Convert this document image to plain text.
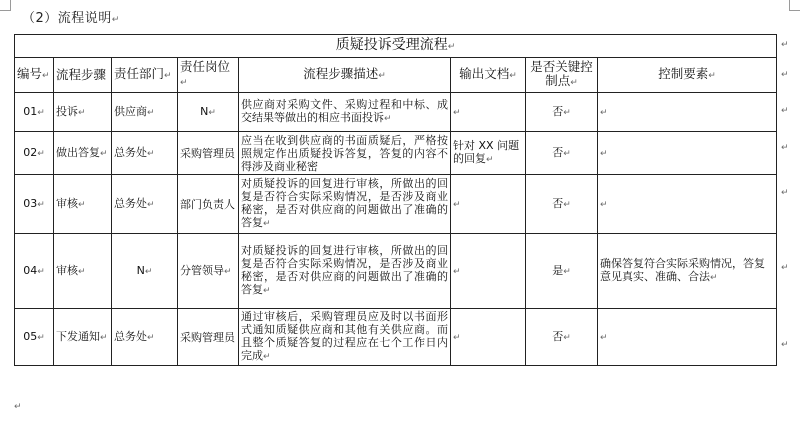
（2）流程说明↵
质疑投诉受理流程↵							
编号↵	流程步骤	责任部门↵	责任岗位↵	流程步骤描述↵	输出文档↵	是否关键控制点↵	控制要素↵
01↵	投诉↵	供应商↵	N↵	供应商对采购文件、采购过程和中标、成交结果等做出的相应书面投诉↵	↵	否↵	↵
02↵	做出答复↵	总务处↵	采购管理员	应当在收到供应商的书面质疑后，严格按照规定作出质疑投诉答复，答复的内容不得涉及商业秘密	针对 XX 问题的回复↵	否↵	↵
03↵	审核↵	总务处↵	部门负责人	对质疑投诉的回复进行审核，所做出的回复是否符合实际采购情况，是否涉及商业秘密，是否对供应商的问题做出了准确的答复↵	↵	否↵	↵
04↵	审核↵	N↵	分管领导↵	对质疑投诉的回复进行审核，所做出的回复是否符合实际采购情况，是否涉及商业秘密，是否对供应商的问题做出了准确的答复↵	↵	是↵	确保答复符合实际采购情况，答复意见真实、准确、合法↵
05↵	下发通知↵	总务处↵	采购管理员	通过审核后，采购管理员应及时以书面形式通知质疑供应商和其他有关供应商。而且整个质疑答复的过程应在七个工作日内完成↵	↵	否↵	↵
↵
↵
↵
↵
↵
↵
↵
↵
